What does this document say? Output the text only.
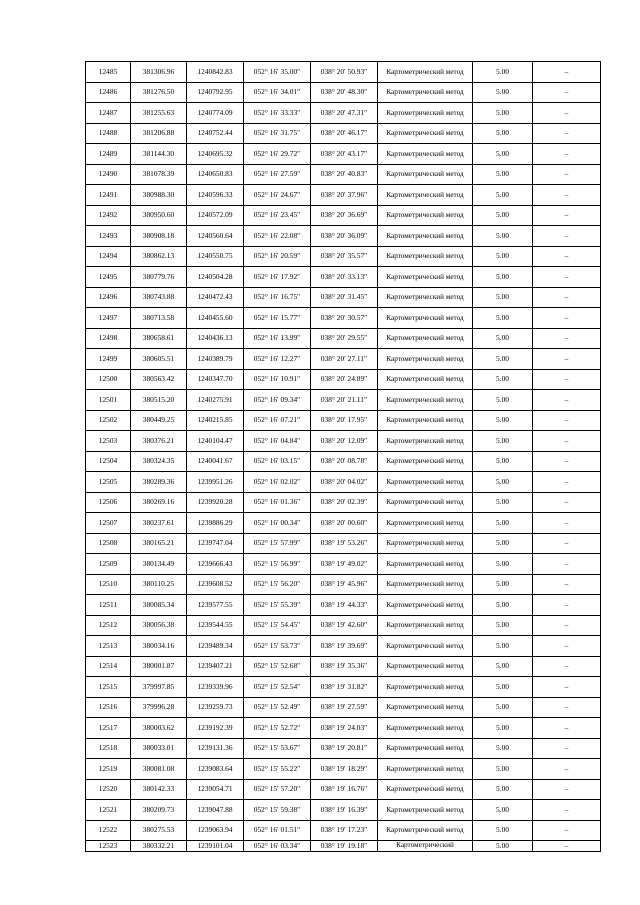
12485	381306.96	1240842.83	052° 16′ 35.00″	038° 20′ 50.93″	Картометрический метод	5.00	–
12486	381276.50	1240792.95	052° 16′ 34.01″	038° 20′ 48.30″	Картометрический метод	5.00	–
12487	381255.63	1240774.09	052° 16′ 33.33″	038° 20′ 47.31″	Картометрический метод	5.00	–
12488	381206.88	1240752.44	052° 16′ 31.75″	038° 20′ 46.17″	Картометрический метод	5.00	–
12489	381144.30	1240695.32	052° 16′ 29.72″	038° 20′ 43.17″	Картометрический метод	5.00	–
12490	381078.39	1240650.83	052° 16′ 27.59″	038° 20′ 40.83″	Картометрический метод	5.00	–
12491	380988.30	1240596.33	052° 16′ 24.67″	038° 20′ 37.96″	Картометрический метод	5.00	–
12492	380950.60	1240572.09	052° 16′ 23.45″	038° 20′ 36.69″	Картометрический метод	5.00	–
12493	380908.18	1240560.64	052° 16′ 22.08″	038° 20′ 36.09″	Картометрический метод	5.00	–
12494	380862.13	1240550.75	052° 16′ 20.59″	038° 20′ 35.57″	Картометрический метод	5.00	–
12495	380779.76	1240504.28	052° 16′ 17.92″	038° 20′ 33.13″	Картометрический метод	5.00	–
12496	380743.88	1240472.43	052° 16′ 16.75″	038° 20′ 31.45″	Картометрический метод	5.00	–
12497	380713.58	1240455.60	052° 16′ 15.77″	038° 20′ 30.57″	Картометрический метод	5.00	–
12498	380658.61	1240436.13	052° 16′ 13.99″	038° 20′ 29.55″	Картометрический метод	5.00	–
12499	380605.51	1240389.79	052° 16′ 12.27″	038° 20′ 27.11″	Картометрический метод	5.00	–
12500	380563.42	1240347.70	052° 16′ 10.91″	038° 20′ 24.89″	Картометрический метод	5.00	–
12501	380515.20	1240275.91	052° 16′ 09.34″	038° 20′ 21.11″	Картометрический метод	5.00	–
12502	380449.25	1240215.85	052° 16′ 07.21″	038° 20′ 17.95″	Картометрический метод	5.00	–
12503	380376.21	1240104.47	052° 16′ 04.84″	038° 20′ 12.09″	Картометрический метод	5.00	–
12504	380324.35	1240041.67	052° 16′ 03.15″	038° 20′ 08.78″	Картометрический метод	5.00	–
12505	380289.36	1239951.26	052° 16′ 02.02″	038° 20′ 04.02″	Картометрический метод	5.00	–
12506	380269.16	1239920.28	052° 16′ 01.36″	038° 20′ 02.39″	Картометрический метод	5.00	–
12507	380237.61	1239886.29	052° 16′ 00.34″	038° 20′ 00.60″	Картометрический метод	5.00	–
12508	380165.21	1239747.04	052° 15′ 57.99″	038° 19′ 53.26″	Картометрический метод	5.00	–
12509	380134.49	1239666.43	052° 15′ 56.99″	038° 19′ 49.02″	Картометрический метод	5.00	–
12510	380110.25	1239608.52	052° 15′ 56.20″	038° 19′ 45.96″	Картометрический метод	5.00	–
12511	380085.34	1239577.55	052° 15′ 55.39″	038° 19′ 44.33″	Картометрический метод	5.00	–
12512	380056.38	1239544.55	052° 15′ 54.45″	038° 19′ 42.60″	Картометрический метод	5.00	–
12513	380034.16	1239489.34	052° 15′ 53.73″	038° 19′ 39.69″	Картометрический метод	5.00	–
12514	380001.87	1239407.21	052° 15′ 52.68″	038° 19′ 35.36″	Картометрический метод	5.00	–
12515	379997.85	1239339.96	052° 15′ 52.54″	038° 19′ 31.82″	Картометрический метод	5.00	–
12516	379996.28	1239259.73	052° 15′ 52.49″	038° 19′ 27.59″	Картометрический метод	5.00	–
12517	380003.62	1239192.39	052° 15′ 52.72″	038° 19′ 24.03″	Картометрический метод	5.00	–
12518	380033.01	1239131.36	052° 15′ 53.67″	038° 19′ 20.81″	Картометрический метод	5.00	–
12519	380081.08	1239083.64	052° 15′ 55.22″	038° 19′ 18.29″	Картометрический метод	5.00	–
12520	380142.33	1239054.71	052° 15′ 57.20″	038° 19′ 16.76″	Картометрический метод	5.00	–
12521	380209.73	1239047.88	052° 15′ 59.38″	038° 19′ 16.39″	Картометрический метод	5.00	–
12522	380275.53	1239063.94	052° 16′ 01.51″	038° 19′ 17.23″	Картометрический метод	5.00	–
12523	380332.21	1239101.04	052° 16′ 03.34″	038° 19′ 19.18″	Картометрический	5.00	–
